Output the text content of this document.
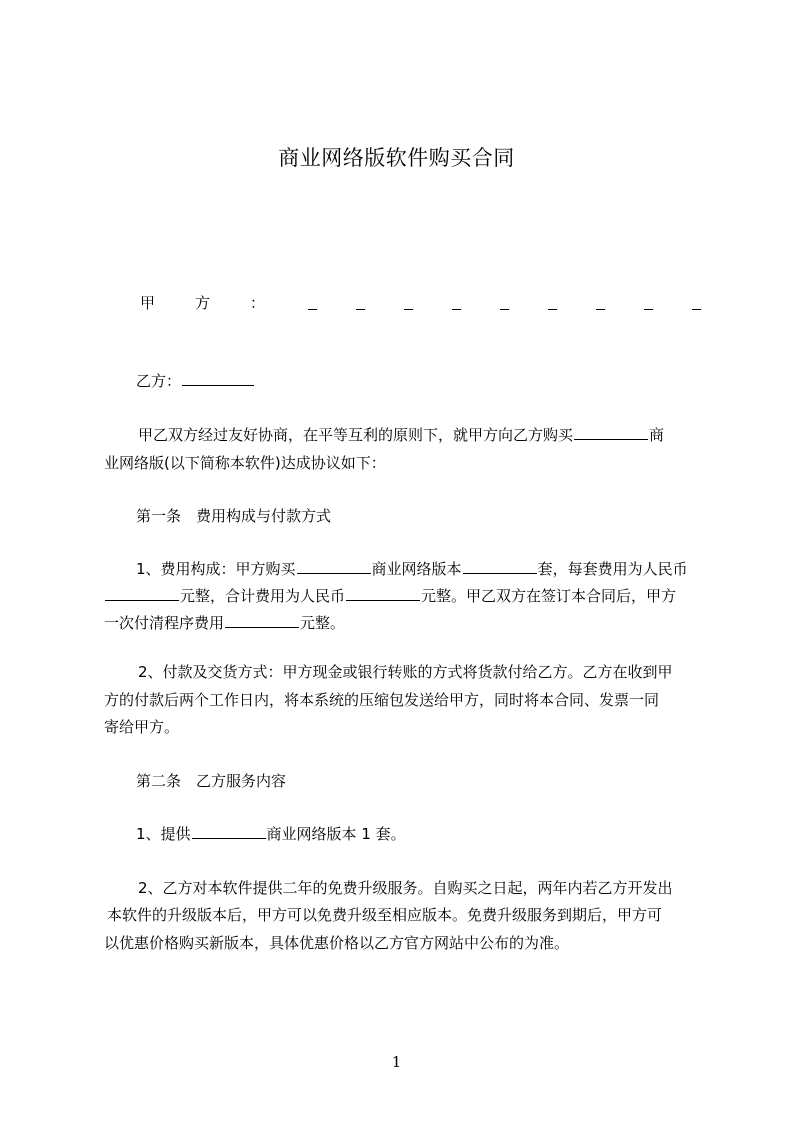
商业网络版软件购买合同
甲	方	：
乙方：
甲乙双方经过友好协商，在平等互利的原则下，就甲方向乙方购买	商
业网络版(以下简称本软件)达成协议如下：
第一条　费用构成与付款方式
1、费用构成：甲方购买	商业网络版本	套，每套费用为人民币
元整，合计费用为人民币	元整。甲乙双方在签订本合同后，甲方
一次付清程序费用	元整。
2、付款及交货方式：甲方现金或银行转账的方式将货款付给乙方。乙方在收到甲
方的付款后两个工作日内，将本系统的压缩包发送给甲方，同时将本合同、发票一同
寄给甲方。
第二条　乙方服务内容
1、提供	商业网络版本 1 套。
2、乙方对本软件提供二年的免费升级服务。自购买之日起，两年内若乙方开发出
本软件的升级版本后，甲方可以免费升级至相应版本。免费升级服务到期后，甲方可
以优惠价格购买新版本，具体优惠价格以乙方官方网站中公布的为准。
1
